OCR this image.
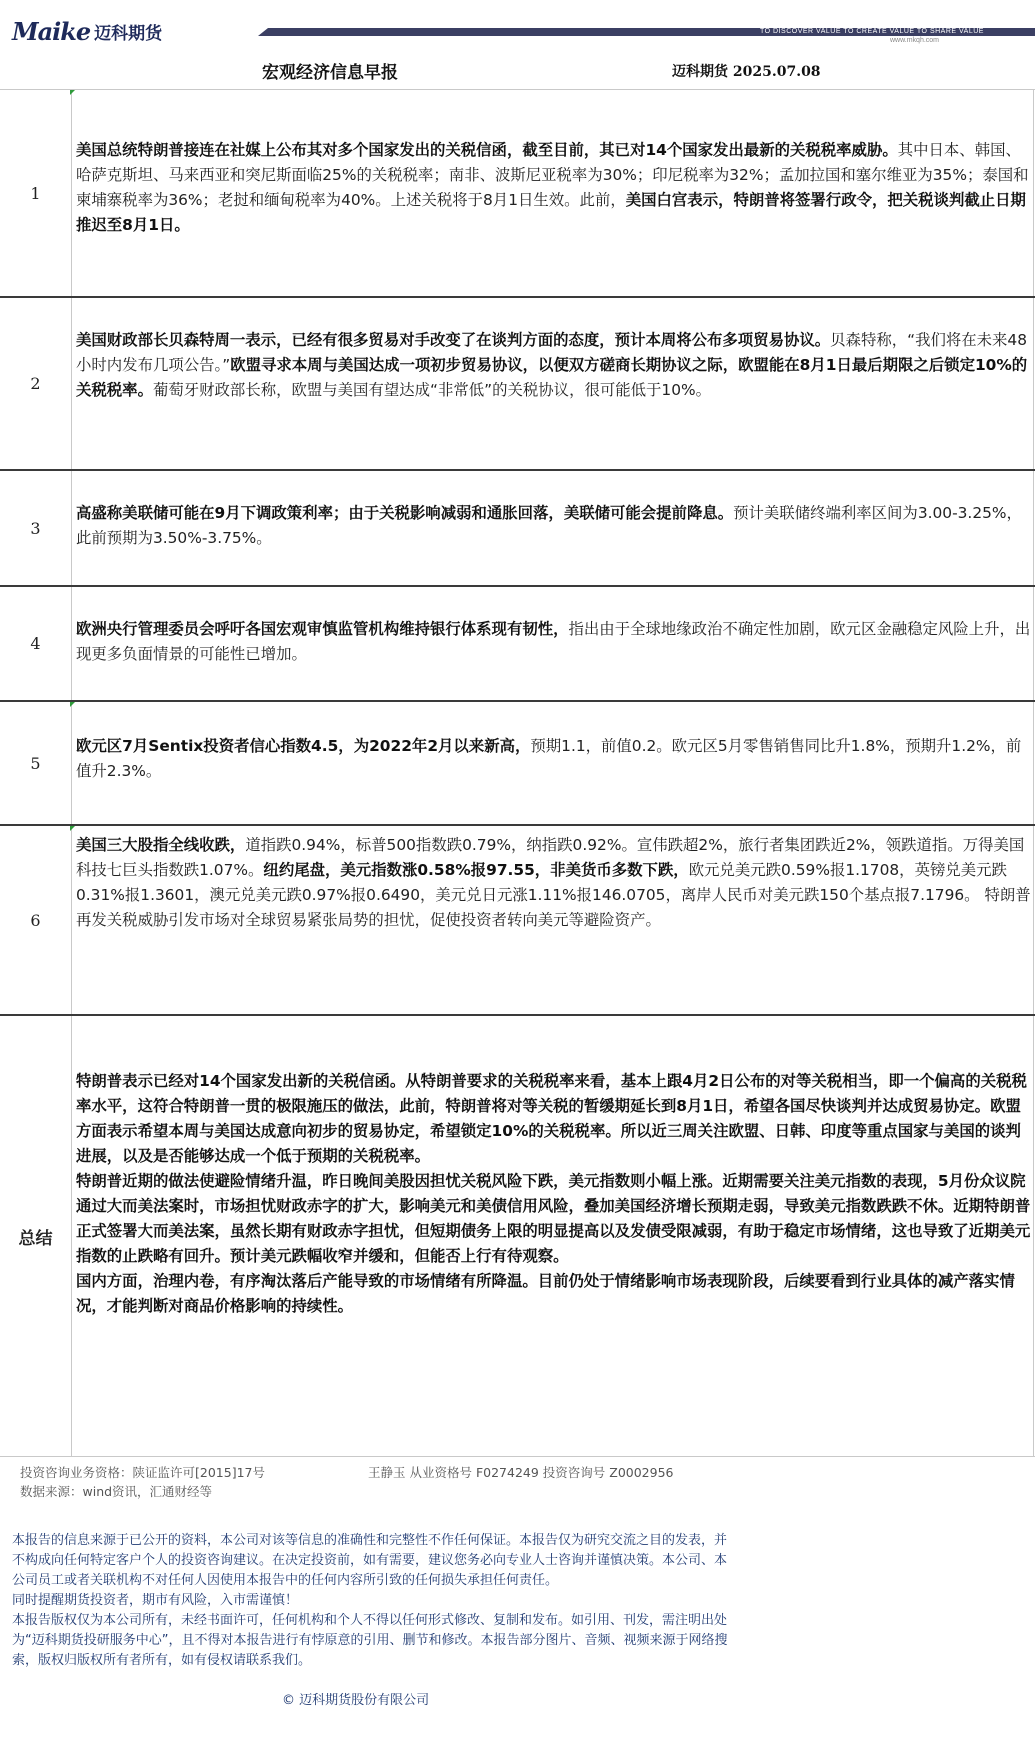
Maike 迈科期货	TO DISCOVER VALUE TO CREATE VALUE TO SHARE VALUE
www.mkqh.com
宏观经济信息早报	迈科期货 2025.07.08
1
美国总统特朗普接连在社媒上公布其对多个国家发出的关税信函，截至目前，其已对14个国家发出最新的关税税率威胁。其中日本、韩国、哈萨克斯坦、马来西亚和突尼斯面临25%的关税税率；南非、波斯尼亚税率为30%；印尼税率为32%；孟加拉国和塞尔维亚为35%；泰国和柬埔寨税率为36%；老挝和缅甸税率为40%。上述关税将于8月1日生效。此前，美国白宫表示，特朗普将签署行政令，把关税谈判截止日期推迟至8月1日。
2
美国财政部长贝森特周一表示，已经有很多贸易对手改变了在谈判方面的态度，预计本周将公布多项贸易协议。贝森特称，“我们将在未来48小时内发布几项公告。”欧盟寻求本周与美国达成一项初步贸易协议，以便双方磋商长期协议之际，欧盟能在8月1日最后期限之后锁定10%的关税税率。葡萄牙财政部长称，欧盟与美国有望达成“非常低”的关税协议，很可能低于10%。
3
高盛称美联储可能在9月下调政策利率；由于关税影响减弱和通胀回落，美联储可能会提前降息。预计美联储终端利率区间为3.00-3.25%，此前预期为3.50%-3.75%。
4
欧洲央行管理委员会呼吁各国宏观审慎监管机构维持银行体系现有韧性，指出由于全球地缘政治不确定性加剧，欧元区金融稳定风险上升，出现更多负面情景的可能性已增加。
5
欧元区7月Sentix投资者信心指数4.5，为2022年2月以来新高，预期1.1，前值0.2。欧元区5月零售销售同比升1.8%，预期升1.2%，前值升2.3%。
6
美国三大股指全线收跌，道指跌0.94%，标普500指数跌0.79%，纳指跌0.92%。宣伟跌超2%，旅行者集团跌近2%，领跌道指。万得美国科技七巨头指数跌1.07%。纽约尾盘，美元指数涨0.58%报97.55，非美货币多数下跌，欧元兑美元跌0.59%报1.1708，英镑兑美元跌0.31%报1.3601，澳元兑美元跌0.97%报0.6490，美元兑日元涨1.11%报146.0705，离岸人民币对美元跌150个基点报7.1796。 特朗普再发关税威胁引发市场对全球贸易紧张局势的担忧，促使投资者转向美元等避险资产。
总结

特朗普表示已经对14个国家发出新的关税信函。从特朗普要求的关税税率来看，基本上跟4月2日公布的对等关税相当，即一个偏高的关税税率水平，这符合特朗普一贯的极限施压的做法，此前，特朗普将对等关税的暂缓期延长到8月1日，希望各国尽快谈判并达成贸易协定。欧盟方面表示希望本周与美国达成意向初步的贸易协定，希望锁定10%的关税税率。所以近三周关注欧盟、日韩、印度等重点国家与美国的谈判进展，以及是否能够达成一个低于预期的关税税率。

特朗普近期的做法使避险情绪升温，昨日晚间美股因担忧关税风险下跌，美元指数则小幅上涨。近期需要关注美元指数的表现，5月份众议院通过大而美法案时，市场担忧财政赤字的扩大，影响美元和美债信用风险，叠加美国经济增长预期走弱，导致美元指数跌跌不休。近期特朗普正式签署大而美法案，虽然长期有财政赤字担忧，但短期债务上限的明显提高以及发债受限减弱，有助于稳定市场情绪，这也导致了近期美元指数的止跌略有回升。预计美元跌幅收窄并缓和，但能否上行有待观察。

国内方面，治理内卷，有序淘汰落后产能导致的市场情绪有所降温。目前仍处于情绪影响市场表现阶段，后续要看到行业具体的减产落实情况，才能判断对商品价格影响的持续性。

投资咨询业务资格：陕证监许可[2015]17号	王静玉 从业资格号 F0274249 投资咨询号 Z0002956
数据来源：wind资讯，汇通财经等

本报告的信息来源于已公开的资料，本公司对该等信息的准确性和完整性不作任何保证。本报告仅为研究交流之目的发表，并不构成向任何特定客户个人的投资咨询建议。在决定投资前，如有需要，建议您务必向专业人士咨询并谨慎决策。本公司、本公司员工或者关联机构不对任何人因使用本报告中的任何内容所引致的任何损失承担任何责任。

同时提醒期货投资者，期市有风险，入市需谨慎！

本报告版权仅为本公司所有，未经书面许可，任何机构和个人不得以任何形式修改、复制和发布。如引用、刊发，需注明出处为“迈科期货投研服务中心”，且不得对本报告进行有悖原意的引用、删节和修改。本报告部分图片、音频、视频来源于网络搜索，版权归版权所有者所有，如有侵权请联系我们。

© 迈科期货股份有限公司
